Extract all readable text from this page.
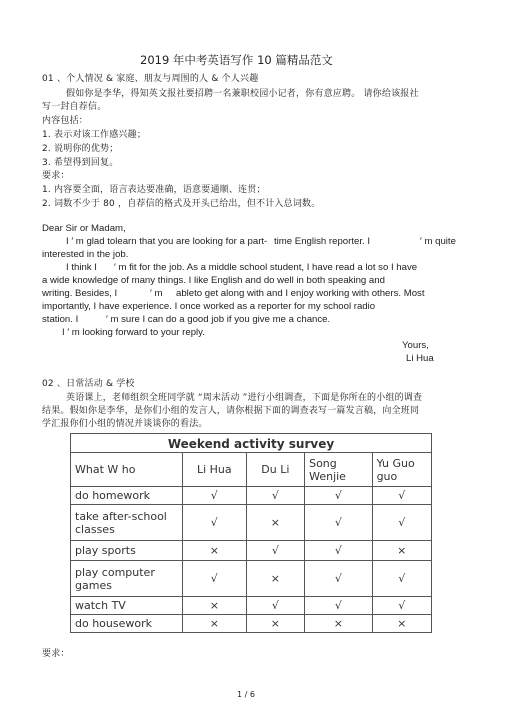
2019 年中考英语写作 10 篇精品范文
01 、个人情况 & 家庭、朋友与周围的人 & 个人兴趣
假如你是李华，得知英文报社要招聘一名兼职校园小记者，你有意应聘。 请你给该报社
写一封自荐信。
内容包括：
1. 表示对该工作感兴趣；
2. 说明你的优势；
3. 希望得到回复。
要求：
1. 内容要全面，语言表达要准确，语意要通顺、连贯；
2. 词数不少于 80 ，自荐信的格式及开头已给出，但不计入总词数。
Dear Sir or Madam,
I ′ m glad tolearn that you are looking for a part- time English reporter. I	′ m quite
interested in the job.
I think I ′ m fit for the job. As a middle school student, I have read a lot so I have
a wide knowledge of many things. I like English and do well in both speaking and
writing. Besides, I	′ m ableto get along with and I enjoy working with others. Most
importantly, I have experience. I once worked as a reporter for my school radio
station. I	′ m sure I can do a good job if you give me a chance.
I ′ m looking forward to your reply.
Yours,
Li Hua
02 、日常活动 & 学校
英语课上，老师组织全班同学就 “周末活动 ”进行小组调查，下面是你所在的小组的调查
结果。假如你是李华，是你们小组的发言人，请你根据下面的调查表写一篇发言稿，向全班同
学汇报你们小组的情况并谈谈你的看法。
Weekend activity survey
What W ho	Li Hua	Du Li	Song Wenjie	Yu Guo guo
do homework	√	√	√	√
take after-school classes	√	×	√	√
play sports	×	√	√	×
play computer games	√	×	√	√
watch TV	×	√	√	√
do housework	×	×	×	×
要求：
1 / 6
